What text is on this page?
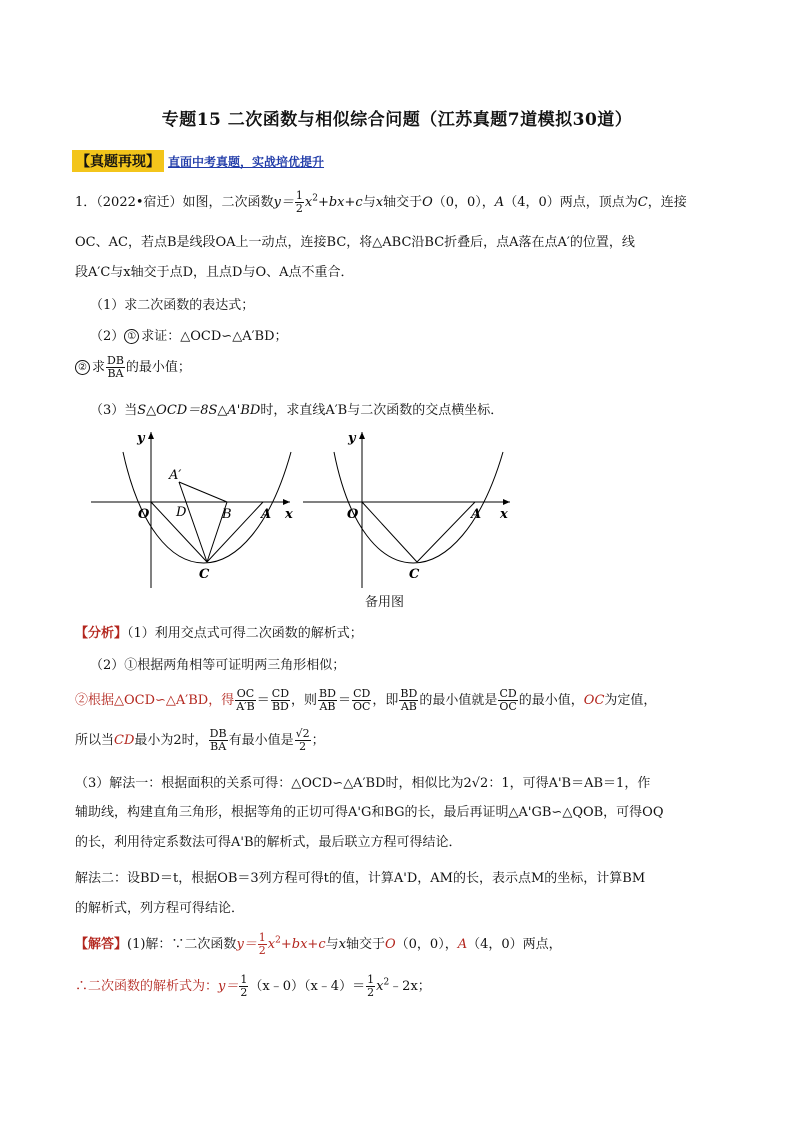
专题15 二次函数与相似综合问题（江苏真题7道模拟30道）
【真题再现】 直面中考真题，实战培优提升
1．（2022•宿迁）如图，二次函数$y= \frac{1}{2} x^2+bx+c$与x轴交于O（0，0），A（4，0）两点，顶点为C，连接
OC、AC，若点B是线段OA上一动点，连接BC，将△ABC沿BC折叠后，点A落在点A′的位置，线
段A′C与x轴交于点D，且点D与O、A点不重合．
（1）求二次函数的表达式；
（2） ① 求证：△OCD∽△A′BD；
② 求 $\frac{DB}{BA}$ 的最小值；
（3）当S△OCD＝8S△A'BD时，求直线A′B与二次函数的交点横坐标．
y
x
O D	B A
A′
C
y
x
O	A
C
备用图
【分析】（1）利用交点式可得二次函数的解析式；
（2）①根据两角相等可证明两三角形相似；
②根据△OCD∽△A′BD，得 $\frac{OC}{A'B} = \frac{CD}{BD}$ ，则 $\frac{BD}{AB} = \frac{CD}{OC}$ ，即 $\frac{BD}{AB}$ 的最小值就是 $\frac{CD}{OC}$ 的最小值，OC为定值，
所以当CD最小为2时， $\frac{DB}{BA}$ 有最小值是 $\frac{√2}{2}$ ；
（3）解法一：根据面积的关系可得：△OCD∽△A′BD时，相似比为2√2：1，可得A'B＝AB＝1，作
辅助线，构建直角三角形，根据等角的正切可得A'G和BG的长，最后再证明△A'GB∽△QOB，可得OQ
的长，利用待定系数法可得A'B的解析式，最后联立方程可得结论．
解法二：设BD＝t，根据OB＝3列方程可得t的值，计算A'D，AM的长，表示点M的坐标，计算BM
的解析式，列方程可得结论．
【解答】(1)解：∵二次函数$y= \frac{1}{2} x^2+bx+c$与x轴交于O（0，0），A（4，0）两点，
∴二次函数的解析式为：$y= \frac{1}{2}$ （x﹣0）（x﹣4）＝ $\frac{1}{2}$ $x^2﹣2x$；
